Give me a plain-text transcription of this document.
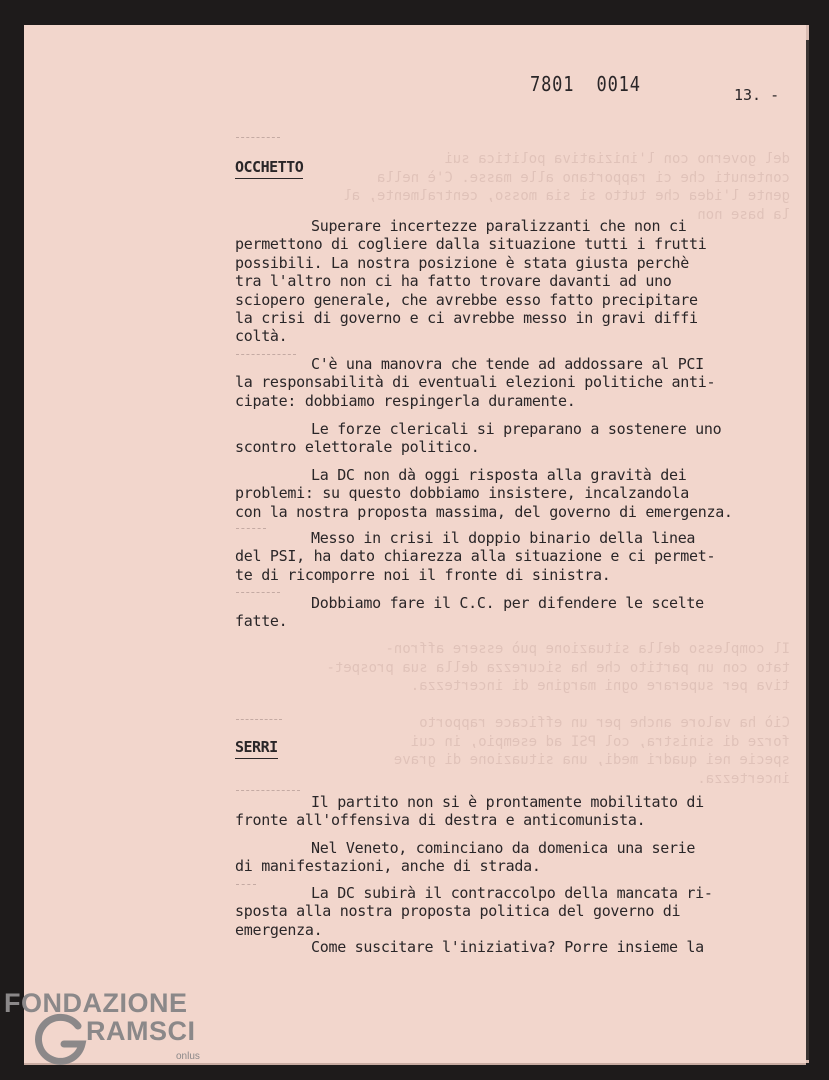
del governo con l'iniziativa politica sui
contenuti che ci rapportano alle masse. C'è nella
gente l'idea che tutto si sia mosso, centralmente, al
la base non
Il complesso della situazione può essere affron-
tato con un partito che ha sicurezza della sua prospet-
tiva per superare ogni margine di incertezza.

Ciò ha valore anche per un efficace rapporto
forze di sinistra, col PSI ad esempio, in cui
specie nei quadri medi, una situazione di grave
incertezza.
7801  0014	13. -
OCCHETTO
Superare incertezze paralizzanti che non ci
permettono di cogliere dalla situazione tutti i frutti
possibili. La nostra posizione è stata giusta perchè
tra l'altro non ci ha fatto trovare davanti ad uno
sciopero generale, che avrebbe esso fatto precipitare
la crisi di governo e ci avrebbe messo in gravi diffi
coltà.
C'è una manovra che tende ad addossare al PCI
la responsabilità di eventuali elezioni politiche anti-
cipate: dobbiamo respingerla duramente.
Le forze clericali si preparano a sostenere uno
scontro elettorale politico.
La DC non dà oggi risposta alla gravità dei
problemi: su questo dobbiamo insistere, incalzandola
con la nostra proposta massima, del governo di emergenza.
Messo in crisi il doppio binario della linea
del PSI, ha dato chiarezza alla situazione e ci permet-
te di ricomporre noi il fronte di sinistra.
Dobbiamo fare il C.C. per difendere le scelte
fatte.
SERRI
Il partito non si è prontamente mobilitato di
fronte all'offensiva di destra e anticomunista.
Nel Veneto, cominciano da domenica una serie
di manifestazioni, anche di strada.
La DC subirà il contraccolpo della mancata ri-
sposta alla nostra proposta politica del governo di
emergenza.
Come suscitare l'iniziativa? Porre insieme la
FONDAZIONE
RAMSCI
onlus
